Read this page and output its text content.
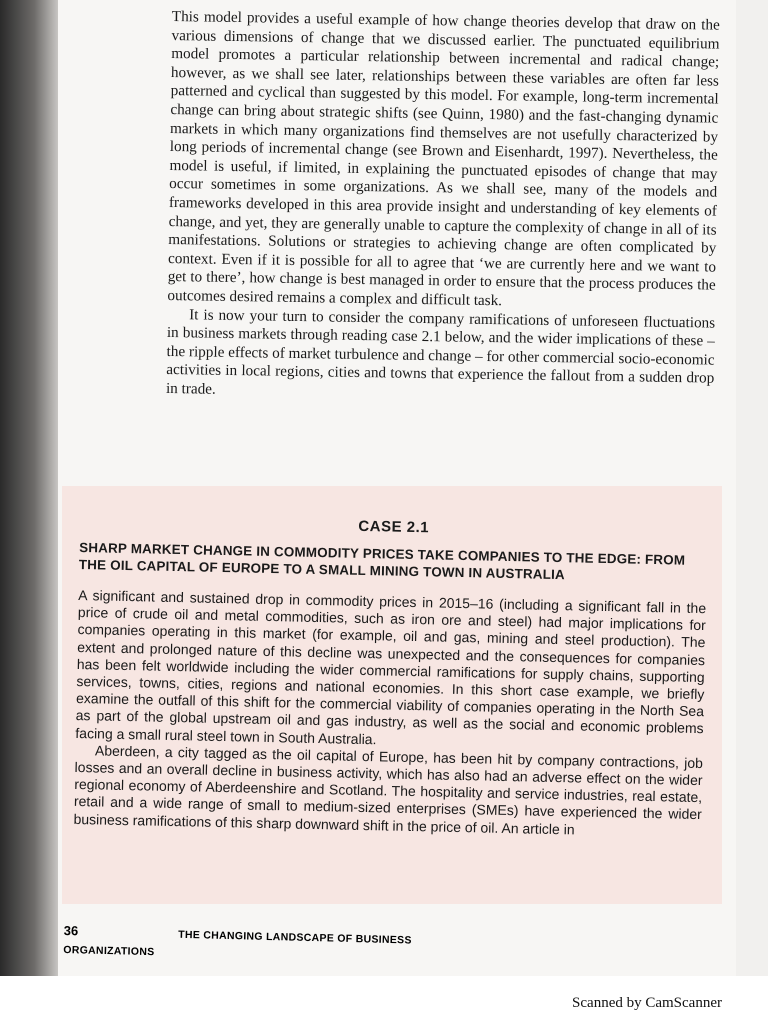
This model provides a useful example of how change theories develop that draw on the various dimensions of change that we discussed earlier. The punctuated equilibrium model promotes a particular relationship between incremental and radical change; however, as we shall see later, relationships between these variables are often far less patterned and cyclical than suggested by this model. For example, long-term incremental change can bring about strategic shifts (see Quinn, 1980) and the fast-changing dynamic markets in which many organizations find themselves are not usefully characterized by long periods of incremental change (see Brown and Eisenhardt, 1997). Nevertheless, the model is useful, if limited, in explaining the punctuated episodes of change that may occur sometimes in some organizations. As we shall see, many of the models and frameworks developed in this area provide insight and understanding of key elements of change, and yet, they are generally unable to capture the complexity of change in all of its manifestations. Solutions or strategies to achieving change are often complicated by context. Even if it is possible for all to agree that ‘we are currently here and we want to get to there’, how change is best managed in order to ensure that the process produces the outcomes desired remains a complex and difficult task.

It is now your turn to consider the company ramifications of unforeseen fluctuations in business markets through reading case 2.1 below, and the wider implications of these – the ripple effects of market turbulence and change – for other commercial socio-economic activities in local regions, cities and towns that experience the fallout from a sudden drop in trade.

CASE 2.1
SHARP MARKET CHANGE IN COMMODITY PRICES TAKE COMPANIES TO THE EDGE: FROM THE OIL CAPITAL OF EUROPE TO A SMALL MINING TOWN IN AUSTRALIA

A significant and sustained drop in commodity prices in 2015–16 (including a significant fall in the price of crude oil and metal commodities, such as iron ore and steel) had major implications for companies operating in this market (for example, oil and gas, mining and steel production). The extent and prolonged nature of this decline was unexpected and the consequences for companies has been felt worldwide including the wider commercial ramifications for supply chains, supporting services, towns, cities, regions and national economies. In this short case example, we briefly examine the outfall of this shift for the commercial viability of companies operating in the North Sea as part of the global upstream oil and gas industry, as well as the social and economic problems facing a small rural steel town in South Australia.

Aberdeen, a city tagged as the oil capital of Europe, has been hit by company contractions, job losses and an overall decline in business activity, which has also had an adverse effect on the wider regional economy of Aberdeenshire and Scotland. The hospitality and service industries, real estate, retail and a wide range of small to medium-sized enterprises (SMEs) have experienced the wider business ramifications of this sharp downward shift in the price of oil. An article in

36	THE CHANGING LANDSCAPE OF BUSINESS ORGANIZATIONS
Scanned by CamScanner
